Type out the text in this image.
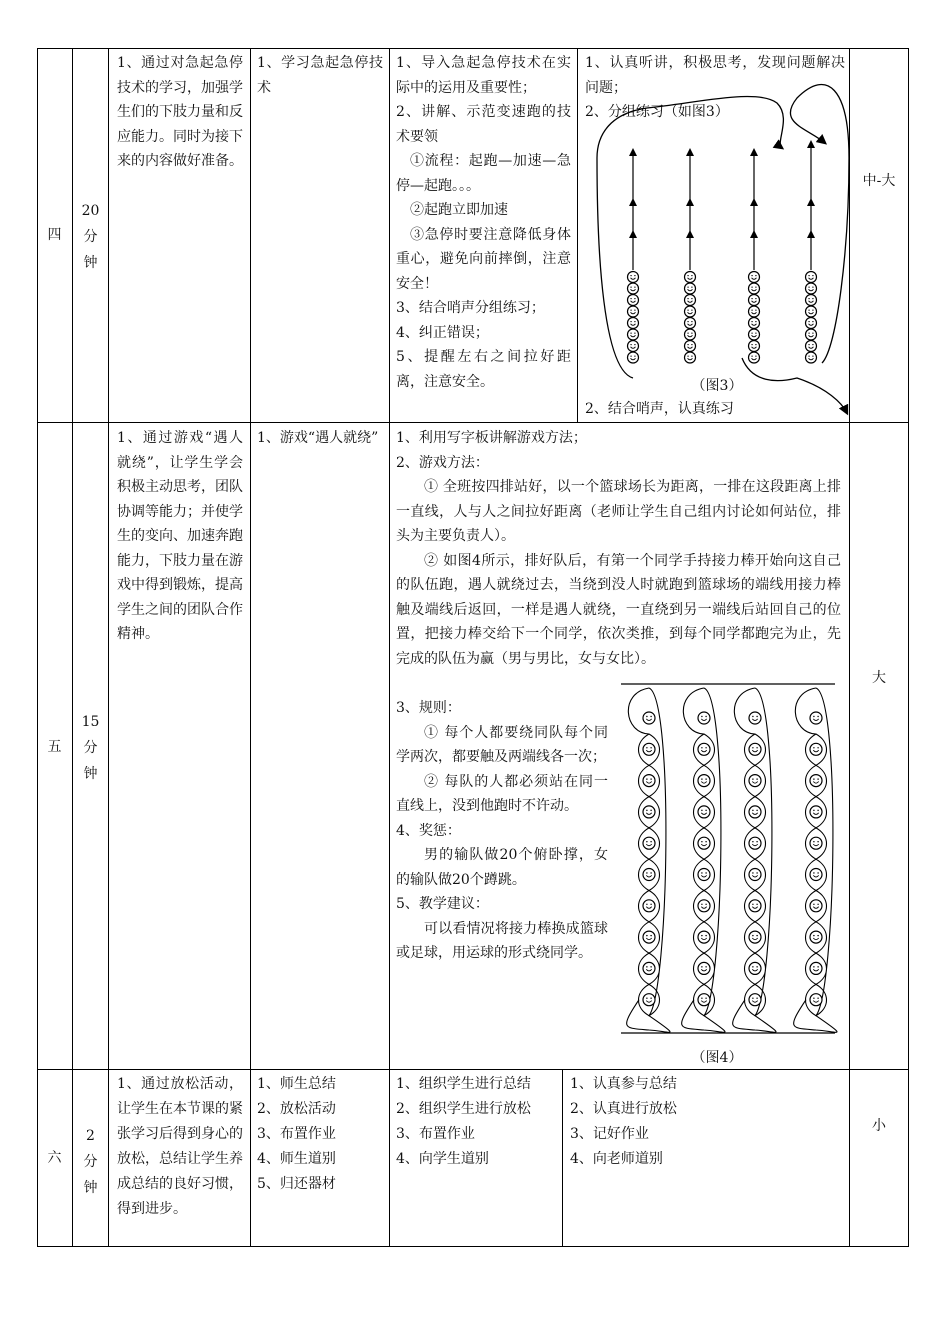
四

20

分

钟

1、通过对急起急停技术的学习，加强学生们的下肢力量和反应能力。同时为接下来的内容做好准备。
1、学习急起急停技术

1、导入急起急停技术在实际中的运用及重要性；

2、讲解、示范变速跑的技术要领

①流程：起跑—加速—急停—起跑。。。

②起跑立即加速

③急停时要注意降低身体重心，避免向前摔倒，注意安全！

3、结合哨声分组练习；

4、纠正错误；

5、提醒左右之间拉好距离，注意安全。

1、认真听讲，积极思考，发现问题解决问题；
2、分组练习（如图3）
2、结合哨声，认真练习
（图3）
中-大
五

15

分

钟

1、通过游戏“遇人就绕”，让学生学会积极主动思考，团队协调等能力；并使学生的变向、加速奔跑能力，下肢力量在游戏中得到锻炼，提高学生之间的团队合作精神。
1、游戏“遇人就绕”	1、利用写字板讲解游戏方法；

2、游戏方法：

① 全班按四排站好，以一个篮球场长为距离，一排在这段距离上排一直线，人与人之间拉好距离（老师让学生自己组内讨论如何站位，排头为主要负责人）。

② 如图4所示，排好队后，有第一个同学手持接力棒开始向这自己的队伍跑，遇人就绕过去，当绕到没人时就跑到篮球场的端线用接力棒触及端线后返回，一样是遇人就绕，一直绕到另一端线后站回自己的位置，把接力棒交给下一个同学，依次类推，到每个同学都跑完为止，先完成的队伍为赢（男与男比，女与女比）。

3、规则：

① 每个人都要绕同队每个同学两次，都要触及两端线各一次；

② 每队的人都必须站在同一直线上，没到他跑时不许动。

4、奖惩：

男的输队做20个俯卧撑，女的输队做20个蹲跳。

5、教学建议：

可以看情况将接力棒换成篮球或足球，用运球的形式绕同学。

（图4）
大
六

2

分

钟

1、通过放松活动，让学生在本节课的紧张学习后得到身心的放松，总结让学生养成总结的良好习惯，得到进步。

1、师生总结

2、放松活动

3、布置作业

4、师生道别

5、归还器材

1、组织学生进行总结

2、组织学生进行放松

3、布置作业

4、向学生道别

1、认真参与总结

2、认真进行放松

3、记好作业

4、向老师道别

小
